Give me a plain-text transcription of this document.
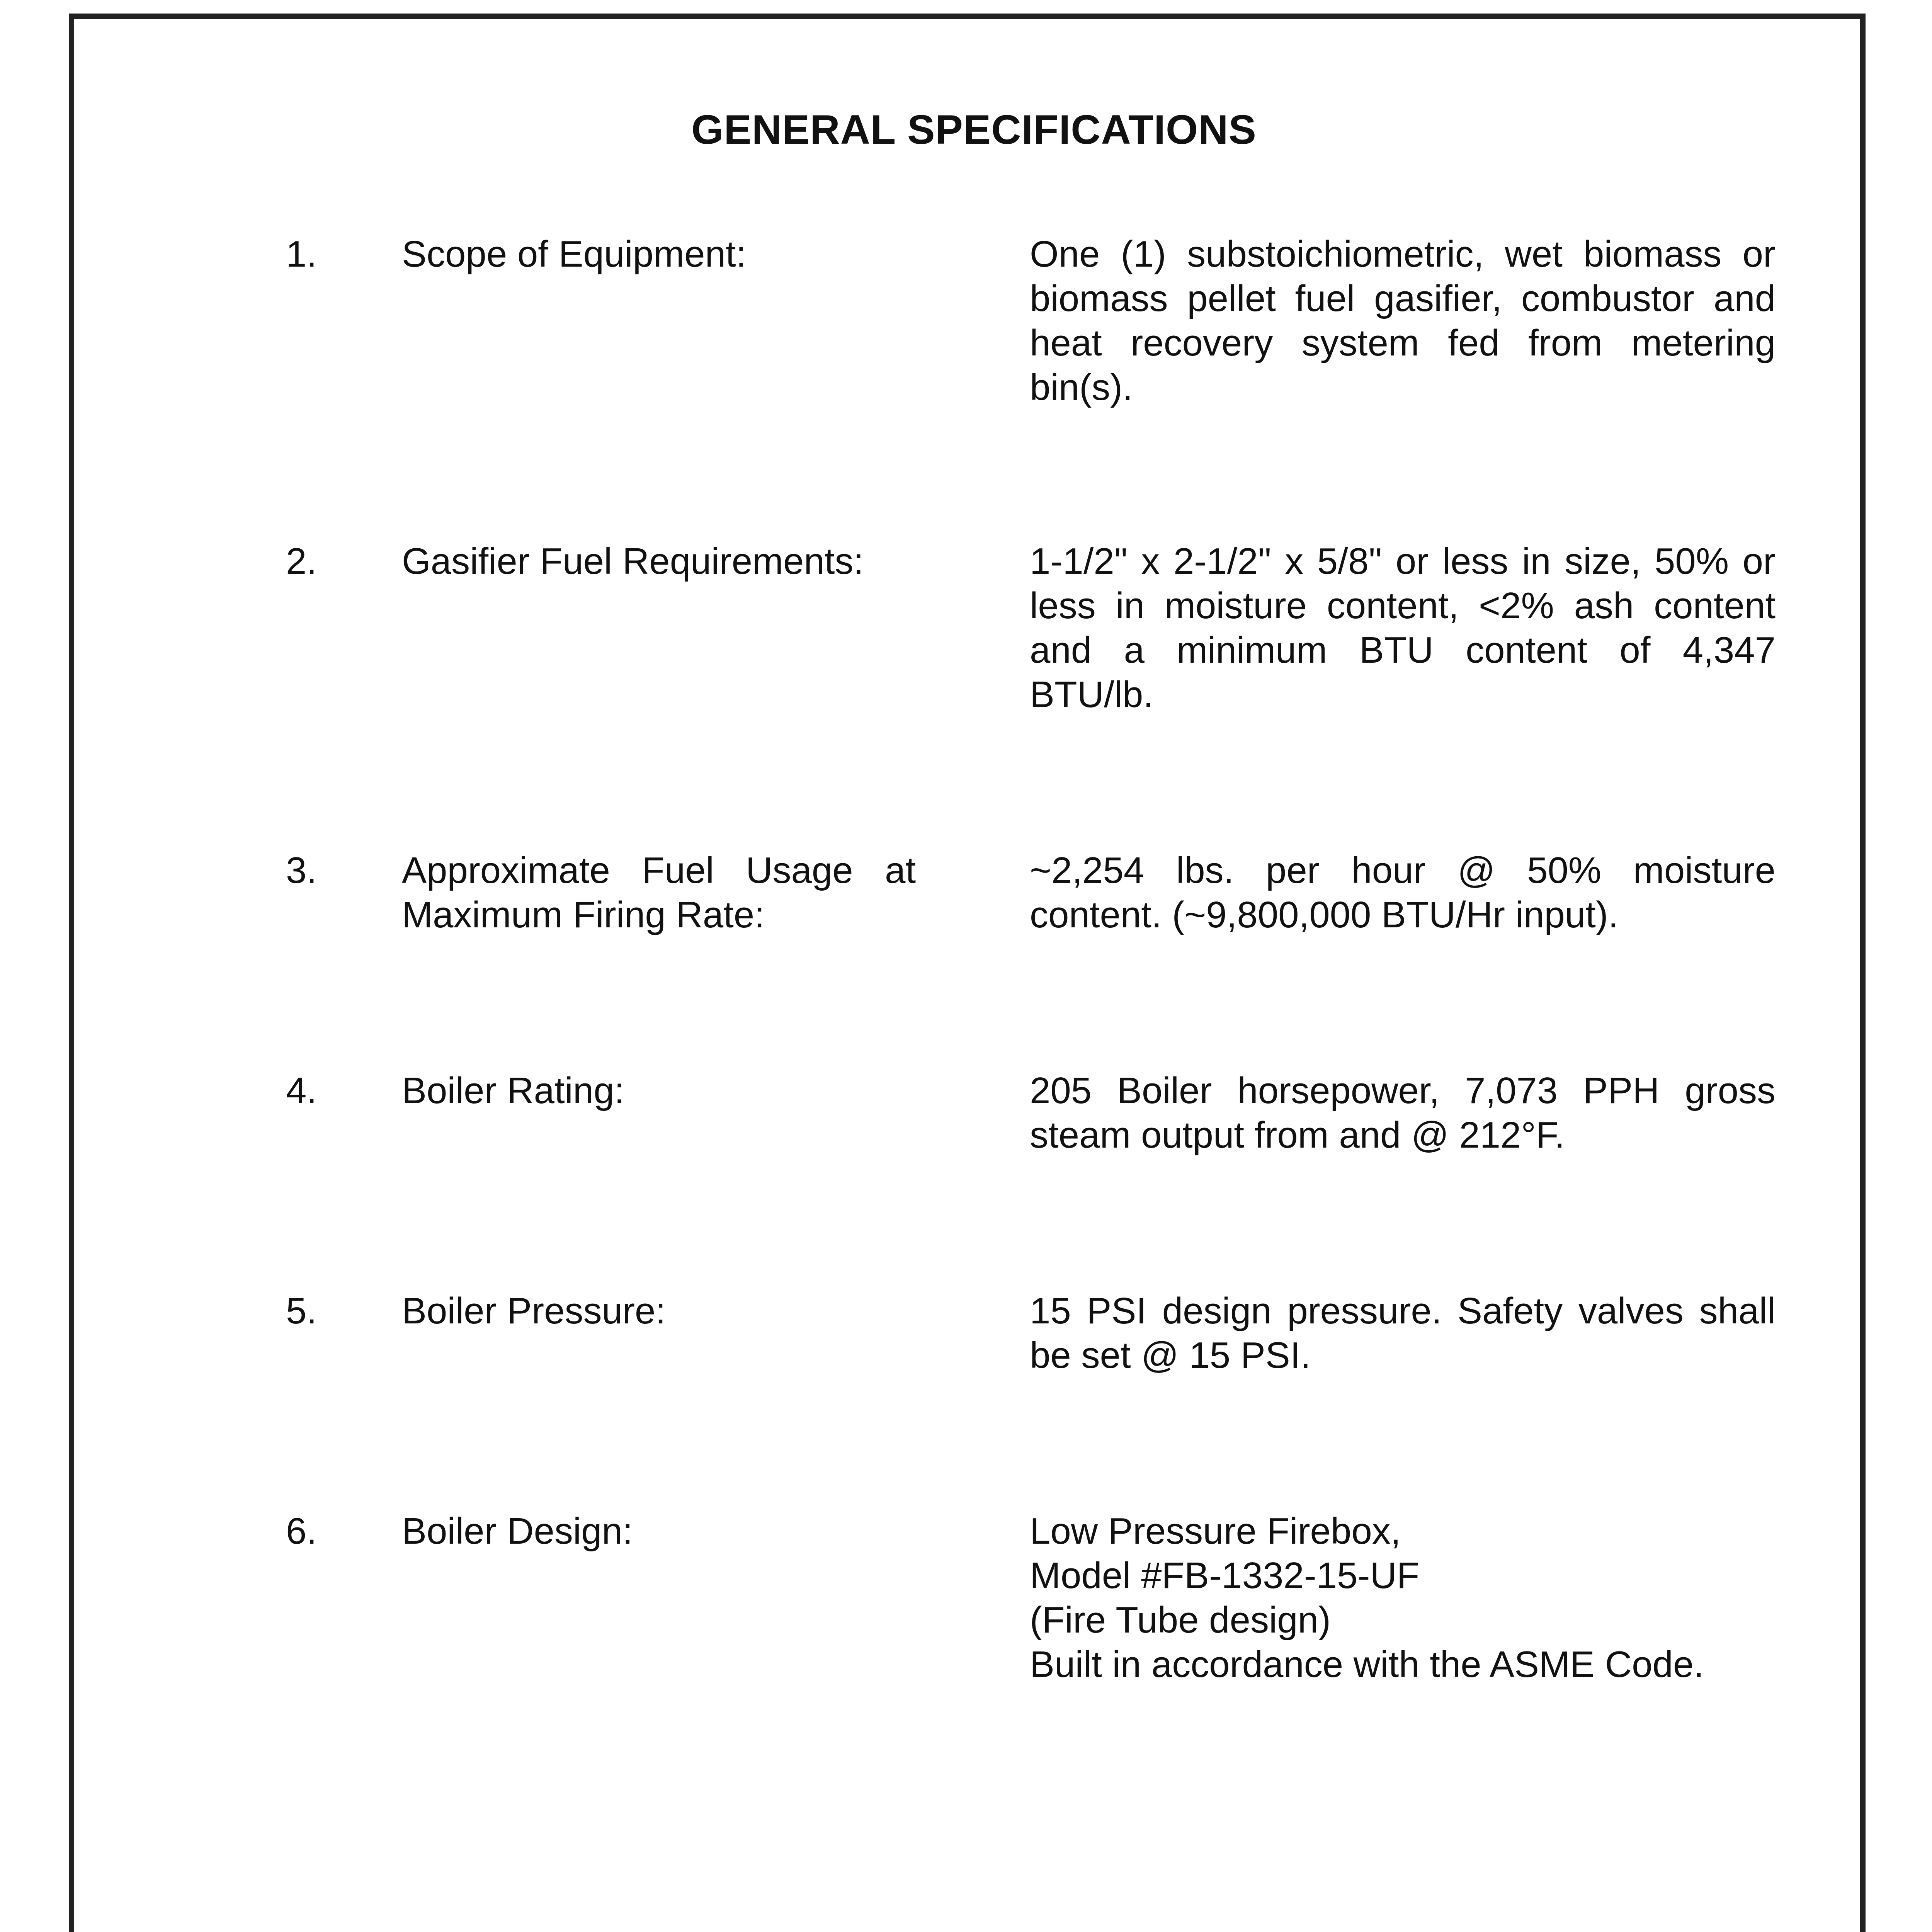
GENERAL SPECIFICATIONS
1. Scope of Equipment:	One (1) substoichiometric, wet biomass or biomass pellet fuel gasifier, combustor and heat recovery system fed from metering bin(s).
2. Gasifier Fuel Requirements:	1-1/2" x 2-1/2" x 5/8" or less in size, 50% or less in moisture content, <2% ash content and a minimum BTU content of 4,347 BTU/lb.
3. Approximate Fuel Usage at Maximum Firing Rate:
~2,254 lbs. per hour @ 50% moisture content. (~9,800,000 BTU/Hr input).
4. Boiler Rating:	205 Boiler horsepower, 7,073 PPH gross steam output from and @ 212°F.
5. Boiler Pressure:	15 PSI design pressure. Safety valves shall be set @ 15 PSI.
6. Boiler Design:	Low Pressure Firebox,
Model #FB-1332-15-UF
(Fire Tube design)
Built in accordance with the ASME Code.
